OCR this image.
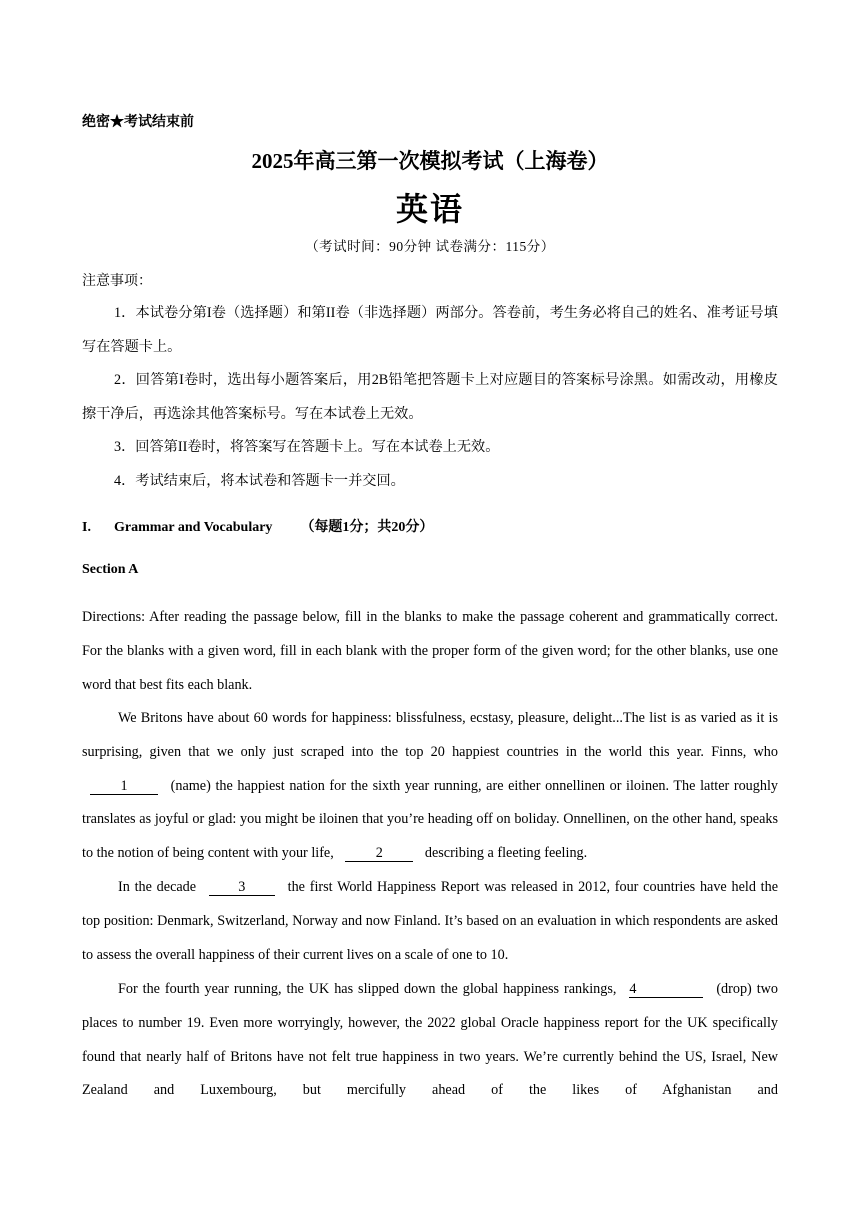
绝密★考试结束前
2025年高三第一次模拟考试（上海卷）
英语
（考试时间：90分钟 试卷满分：115分）
注意事项：
1．本试卷分第I卷（选择题）和第II卷（非选择题）两部分。答卷前，考生务必将自己的姓名、准考证号填写在答题卡上。
2．回答第I卷时，选出每小题答案后，用2B铅笔把答题卡上对应题目的答案标号涂黑。如需改动，用橡皮擦干净后，再选涂其他答案标号。写在本试卷上无效。
3．回答第II卷时，将答案写在答题卡上。写在本试卷上无效。
4．考试结束后，将本试卷和答题卡一并交回。
I. Grammar and Vocabulary （每题1分；共20分）
Section A
Directions: After reading the passage below, fill in the blanks to make the passage coherent and grammatically correct. For the blanks with a given word, fill in each blank with the proper form of the given word; for the other blanks, use one word that best fits each blank.
We Britons have about 60 words for happiness: blissfulness, ecstasy, pleasure, delight...The list is as varied as it is surprising, given that we only just scraped into the top 20 happiest countries in the world this year. Finns, who 1	(name) the happiest nation for the sixth year running, are either onnellinen or iloinen. The latter roughly translates as joyful or glad: you might be iloinen that you’re heading off on boliday. Onnellinen, on the other hand, speaks to the notion of being content with your life,	2	describing a fleeting feeling.
In the decade	3	the first World Happiness Report was released in 2012, four countries have held the top position: Denmark, Switzerland, Norway and now Finland. It’s based on an evaluation in which respondents are asked to assess the overall happiness of their current lives on a scale of one to 10.
For the fourth year running, the UK has slipped down the global happiness rankings, 4	(drop) two places to number 19. Even more worryingly, however, the 2022 global Oracle happiness report for the UK specifically found that nearly half of Britons have not felt true happiness in two years. We’re currently behind the US, Israel, New Zealand and Luxembourg, but mercifully ahead of the likes of Afghanistan and
